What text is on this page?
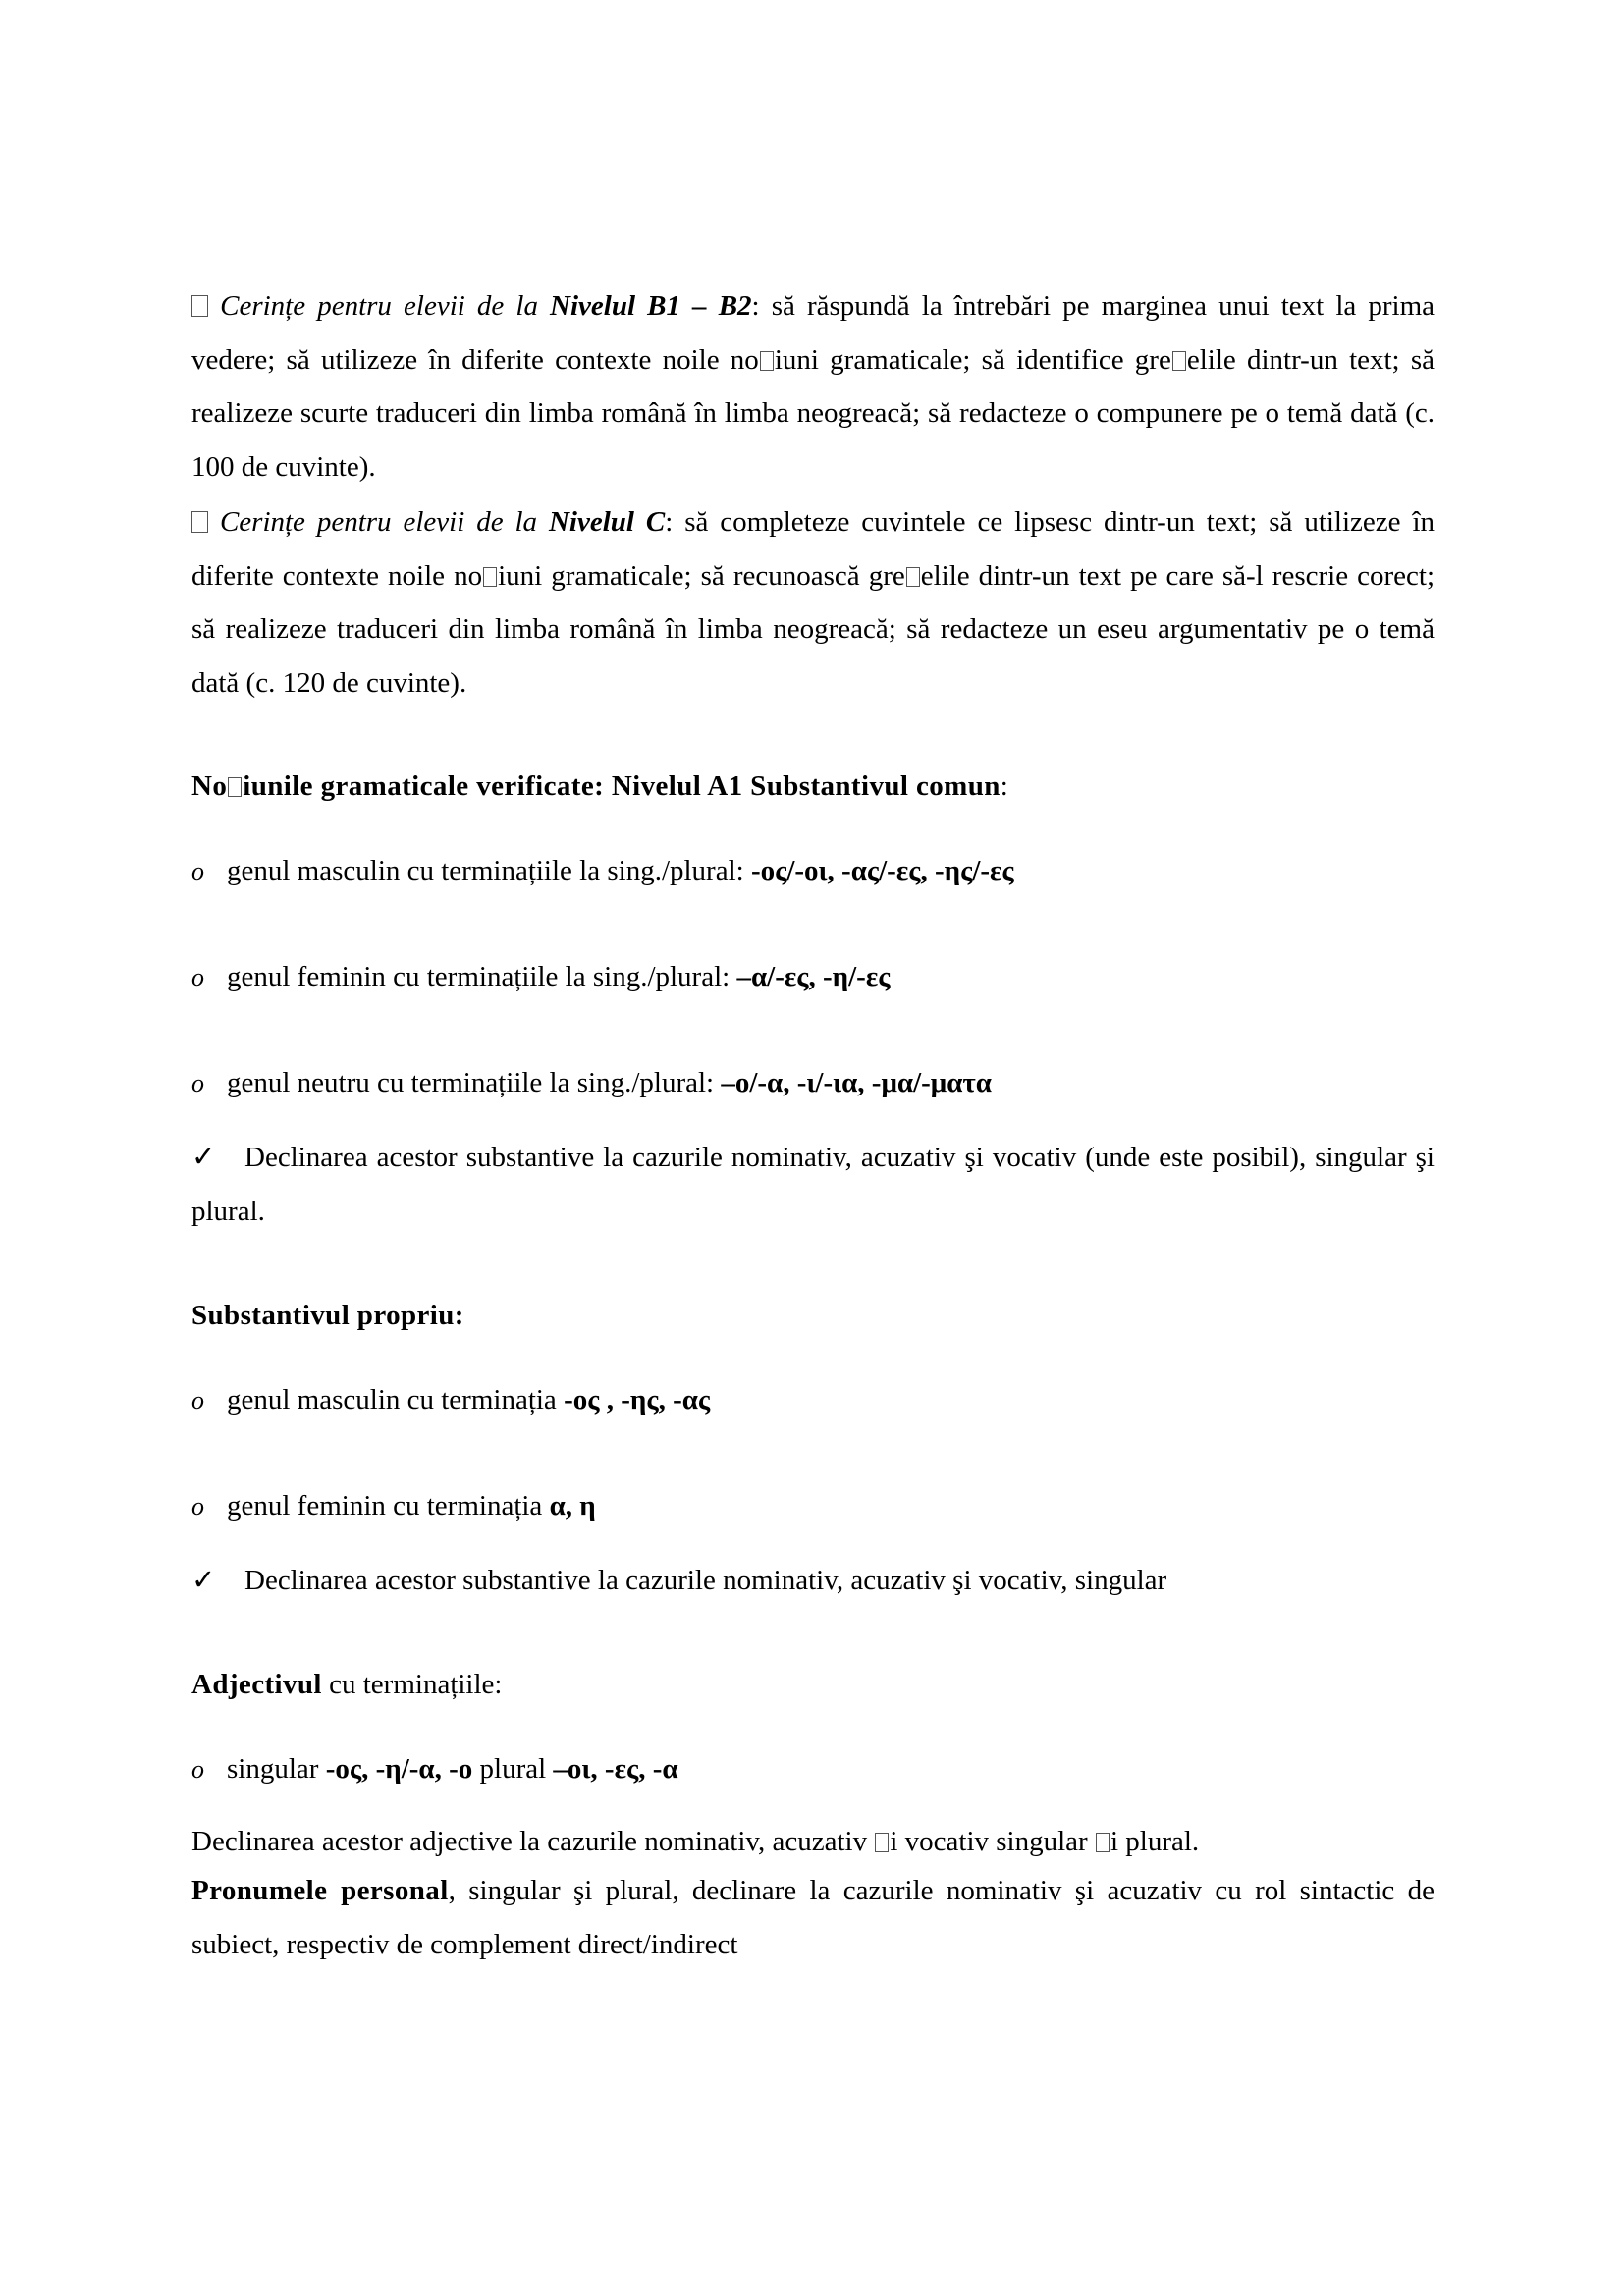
Cerințe pentru elevii de la Nivelul B1 – B2: să răspundă la întrebări pe marginea unui text la prima vedere; să utilizeze în diferite contexte noile no iuni gramaticale; să identifice gre elile dintr-un text; să realizeze scurte traduceri din limba română în limba neogreacă; să redacteze o compunere pe o temă dată (c. 100 de cuvinte).

Cerințe pentru elevii de la Nivelul C: să completeze cuvintele ce lipsesc dintr-un text; să utilizeze în diferite contexte noile no iuni gramaticale; să recunoască gre elile dintr-un text pe care să-l rescrie corect; să realizeze traduceri din limba română în limba neogreacă; să redacteze un eseu argumentativ pe o temă dată (c. 120 de cuvinte).

No iunile gramaticale verificate: Nivelul A1 Substantivul comun:
o genul masculin cu terminațiile la sing./plural: -ος/-οι, -ας/-ες, -ης/-ες
o genul feminin cu terminațiile la sing./plural: –α/-ες, -η/-ες
o genul neutru cu terminațiile la sing./plural: –ο/-α, -ι/-ια, -μα/-ματα

✓ Declinarea acestor substantive la cazurile nominativ, acuzativ şi vocativ (unde este posibil), singular şi plural.

Substantivul propriu:
o genul masculin cu terminația -ος , -ης, -ας
o genul feminin cu terminația α, η
✓ Declinarea acestor substantive la cazurile nominativ, acuzativ şi vocativ, singular
Adjectivul cu terminațiile:
o singular -ος, -η/-α, -ο plural –οι, -ες, -α
Declinarea acestor adjective la cazurile nominativ, acuzativ i vocativ singular i plural.

Pronumele personal, singular şi plural, declinare la cazurile nominativ şi acuzativ cu rol sintactic de subiect, respectiv de complement direct/indirect
